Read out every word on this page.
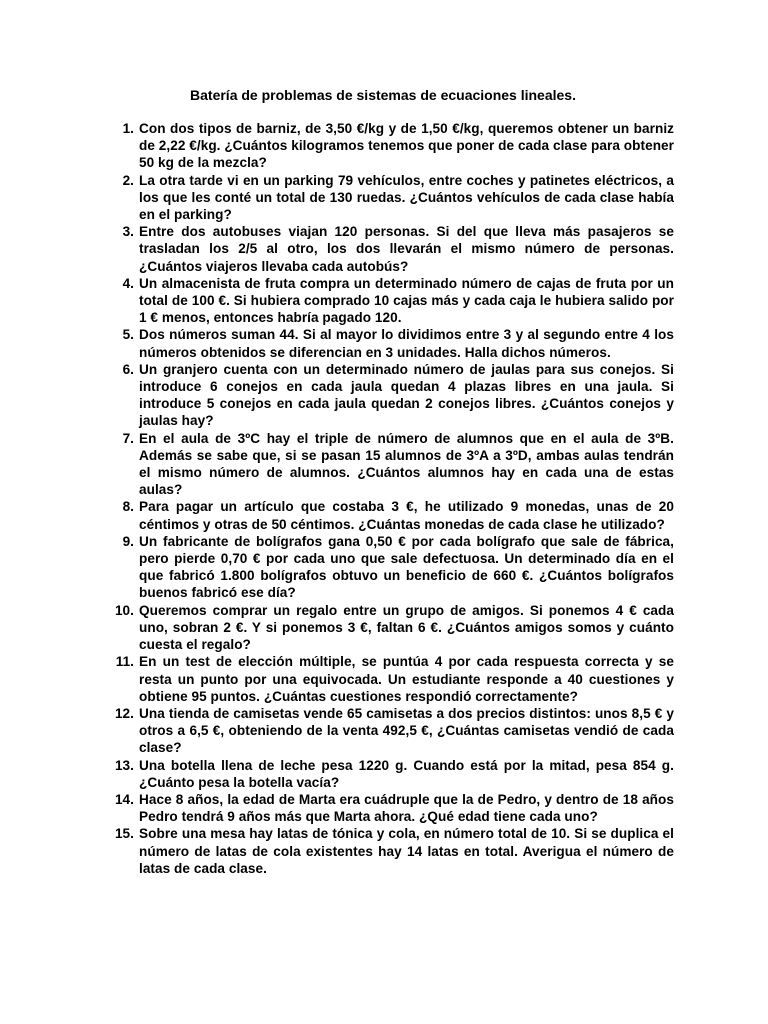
Batería de problemas de sistemas de ecuaciones lineales.
1. Con dos tipos de barniz, de 3,50 €/kg y de 1,50 €/kg, queremos obtener un barniz de 2,22 €/kg. ¿Cuántos kilogramos tenemos que poner de cada clase para obtener 50 kg de la mezcla?
2. La otra tarde vi en un parking 79 vehículos, entre coches y patinetes eléctricos, a los que les conté un total de 130 ruedas. ¿Cuántos vehículos de cada clase había en el parking?
3. Entre dos autobuses viajan 120 personas. Si del que lleva más pasajeros se trasladan los 2/5 al otro, los dos llevarán el mismo número de personas. ¿Cuántos viajeros llevaba cada autobús?
4. Un almacenista de fruta compra un determinado número de cajas de fruta por un total de 100 €. Si hubiera comprado 10 cajas más y cada caja le hubiera salido por 1 € menos, entonces habría pagado 120.
5. Dos números suman 44. Si al mayor lo dividimos entre 3 y al segundo entre 4 los números obtenidos se diferencian en 3 unidades. Halla dichos números.
6. Un granjero cuenta con un determinado número de jaulas para sus conejos. Si introduce 6 conejos en cada jaula quedan 4 plazas libres en una jaula. Si introduce 5 conejos en cada jaula quedan 2 conejos libres. ¿Cuántos conejos y jaulas hay?
7. En el aula de 3ºC hay el triple de número de alumnos que en el aula de 3ºB. Además se sabe que, si se pasan 15 alumnos de 3ºA a 3ºD, ambas aulas tendrán el mismo número de alumnos. ¿Cuántos alumnos hay en cada una de estas aulas?
8. Para pagar un artículo que costaba 3 €, he utilizado 9 monedas, unas de 20 céntimos y otras de 50 céntimos. ¿Cuántas monedas de cada clase he utilizado?
9. Un fabricante de bolígrafos gana 0,50 € por cada bolígrafo que sale de fábrica, pero pierde 0,70 € por cada uno que sale defectuosa. Un determinado día en el que fabricó 1.800 bolígrafos obtuvo un beneficio de 660 €. ¿Cuántos bolígrafos buenos fabricó ese día?
10. Queremos comprar un regalo entre un grupo de amigos. Si ponemos 4 € cada uno, sobran 2 €. Y si ponemos 3 €, faltan 6 €. ¿Cuántos amigos somos y cuánto cuesta el regalo?
11. En un test de elección múltiple, se puntúa 4 por cada respuesta correcta y se resta un punto por una equivocada. Un estudiante responde a 40 cuestiones y obtiene 95 puntos. ¿Cuántas cuestiones respondió correctamente?
12. Una tienda de camisetas vende 65 camisetas a dos precios distintos: unos 8,5 € y otros a 6,5 €, obteniendo de la venta 492,5 €, ¿Cuántas camisetas vendió de cada clase?
13. Una botella llena de leche pesa 1220 g. Cuando está por la mitad, pesa 854 g. ¿Cuánto pesa la botella vacía?
14. Hace 8 años, la edad de Marta era cuádruple que la de Pedro, y dentro de 18 años Pedro tendrá 9 años más que Marta ahora. ¿Qué edad tiene cada uno?
15. Sobre una mesa hay latas de tónica y cola, en número total de 10. Si se duplica el número de latas de cola existentes hay 14 latas en total. Averigua el número de latas de cada clase.
